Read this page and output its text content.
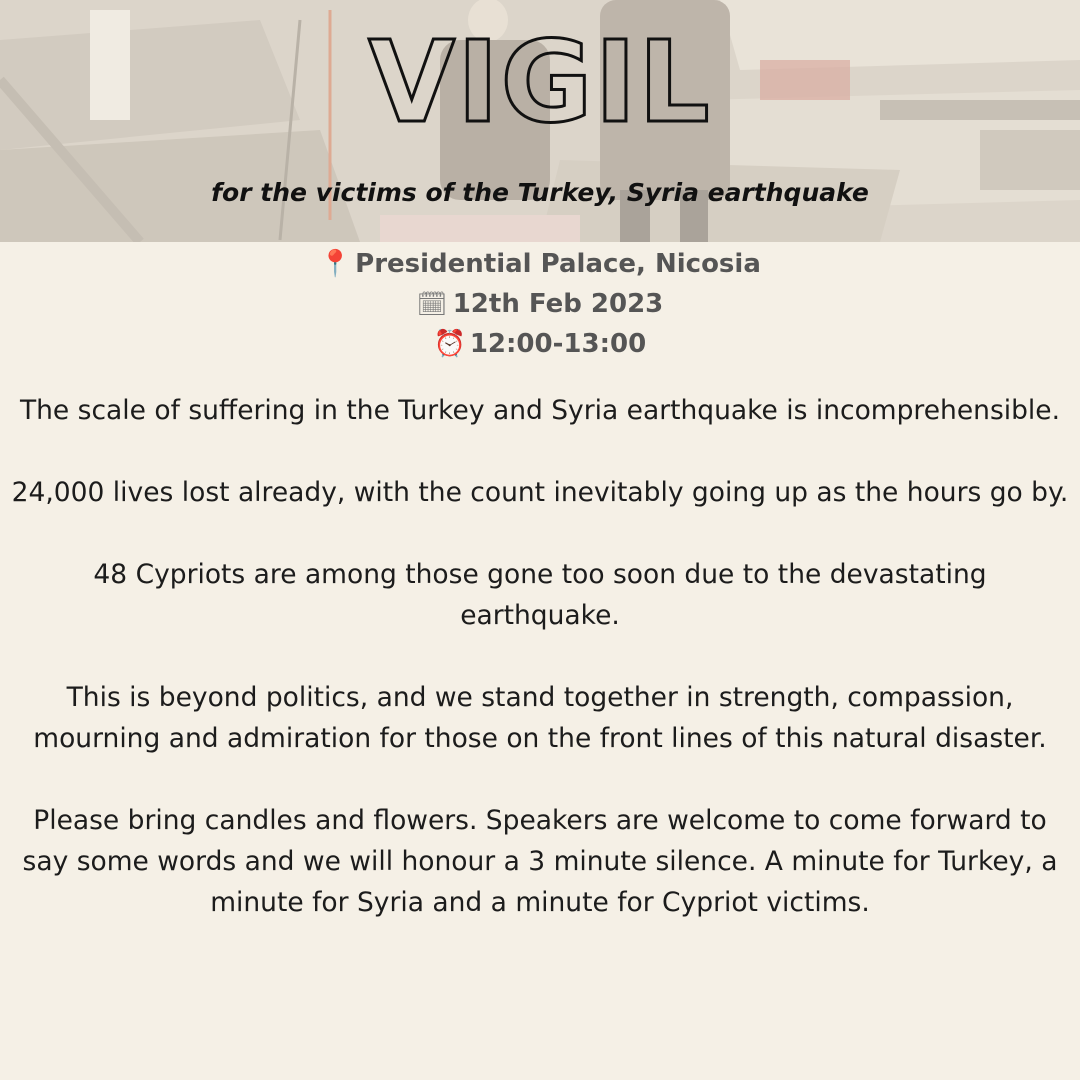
VIGIL
for the victims of the Turkey, Syria earthquake
📍 Presidential Palace, Nicosia
🗓 12th Feb 2023
⏰ 12:00-13:00

The scale of suffering in the Turkey and Syria earthquake is incomprehensible.

24,000 lives lost already, with the count inevitably going up as the hours go by.

48 Cypriots are among those gone too soon due to the devastating earthquake.

This is beyond politics, and we stand together in strength, compassion, mourning and admiration for those on the front lines of this natural disaster.

Please bring candles and flowers. Speakers are welcome to come forward to say some words and we will honour a 3 minute silence. A minute for Turkey, a minute for Syria and a minute for Cypriot victims.
